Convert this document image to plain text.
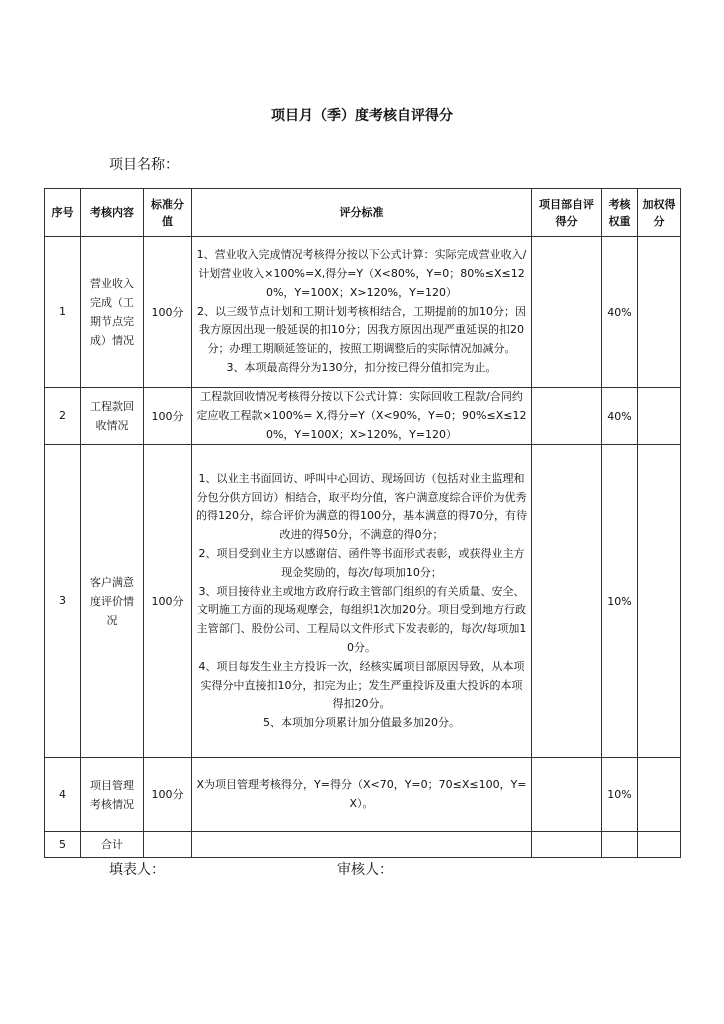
项目月（季）度考核自评得分
项目名称：
序号	考核内容	标准分值	评分标准	项目部自评得分	考核权重	加权得分
1	营业收入完成（工期节点完成）情况	100分	1、营业收入完成情况考核得分按以下公式计算：实际完成营业收入/计划营业收入×100%=X,得分=Y（X<80%，Y=0；80%≤X≤120%，Y=100X；X>120%，Y=120）
2、以三级节点计划和工期计划考核相结合，工期提前的加10分；因我方原因出现一般延误的扣10分；因我方原因出现严重延误的扣20分；办理工期顺延签证的，按照工期调整后的实际情况加减分。
3、本项最高得分为130分，扣分按已得分值扣完为止。		40%	
2	工程款回收情况	100分	工程款回收情况考核得分按以下公式计算：实际回收工程款/合同约定应收工程款×100%= X,得分=Y（X<90%，Y=0；90%≤X≤120%，Y=100X；X>120%，Y=120）		40%	
3	客户满意度评价情况	100分	1、以业主书面回访、呼叫中心回访、现场回访（包括对业主监理和分包分供方回访）相结合，取平均分值，客户满意度综合评价为优秀的得120分，综合评价为满意的得100分，基本满意的得70分，有待改进的得50分，不满意的得0分；
2、项目受到业主方以感谢信、函件等书面形式表彰，或获得业主方现金奖励的，每次/每项加10分；
3、项目接待业主或地方政府行政主管部门组织的有关质量、安全、文明施工方面的现场观摩会，每组织1次加20分。项目受到地方行政主管部门、股份公司、工程局以文件形式下发表彰的，每次/每项加10分。
4、项目每发生业主方投诉一次，经核实属项目部原因导致，从本项实得分中直接扣10分，扣完为止；发生严重投诉及重大投诉的本项得扣20分。
5、本项加分项累计加分值最多加20分。		10%	
4	项目管理考核情况	100分	X为项目管理考核得分，Y=得分（X<70，Y=0；70≤X≤100，Y=X）。		10%	
5	合计					
填表人：	审核人：
